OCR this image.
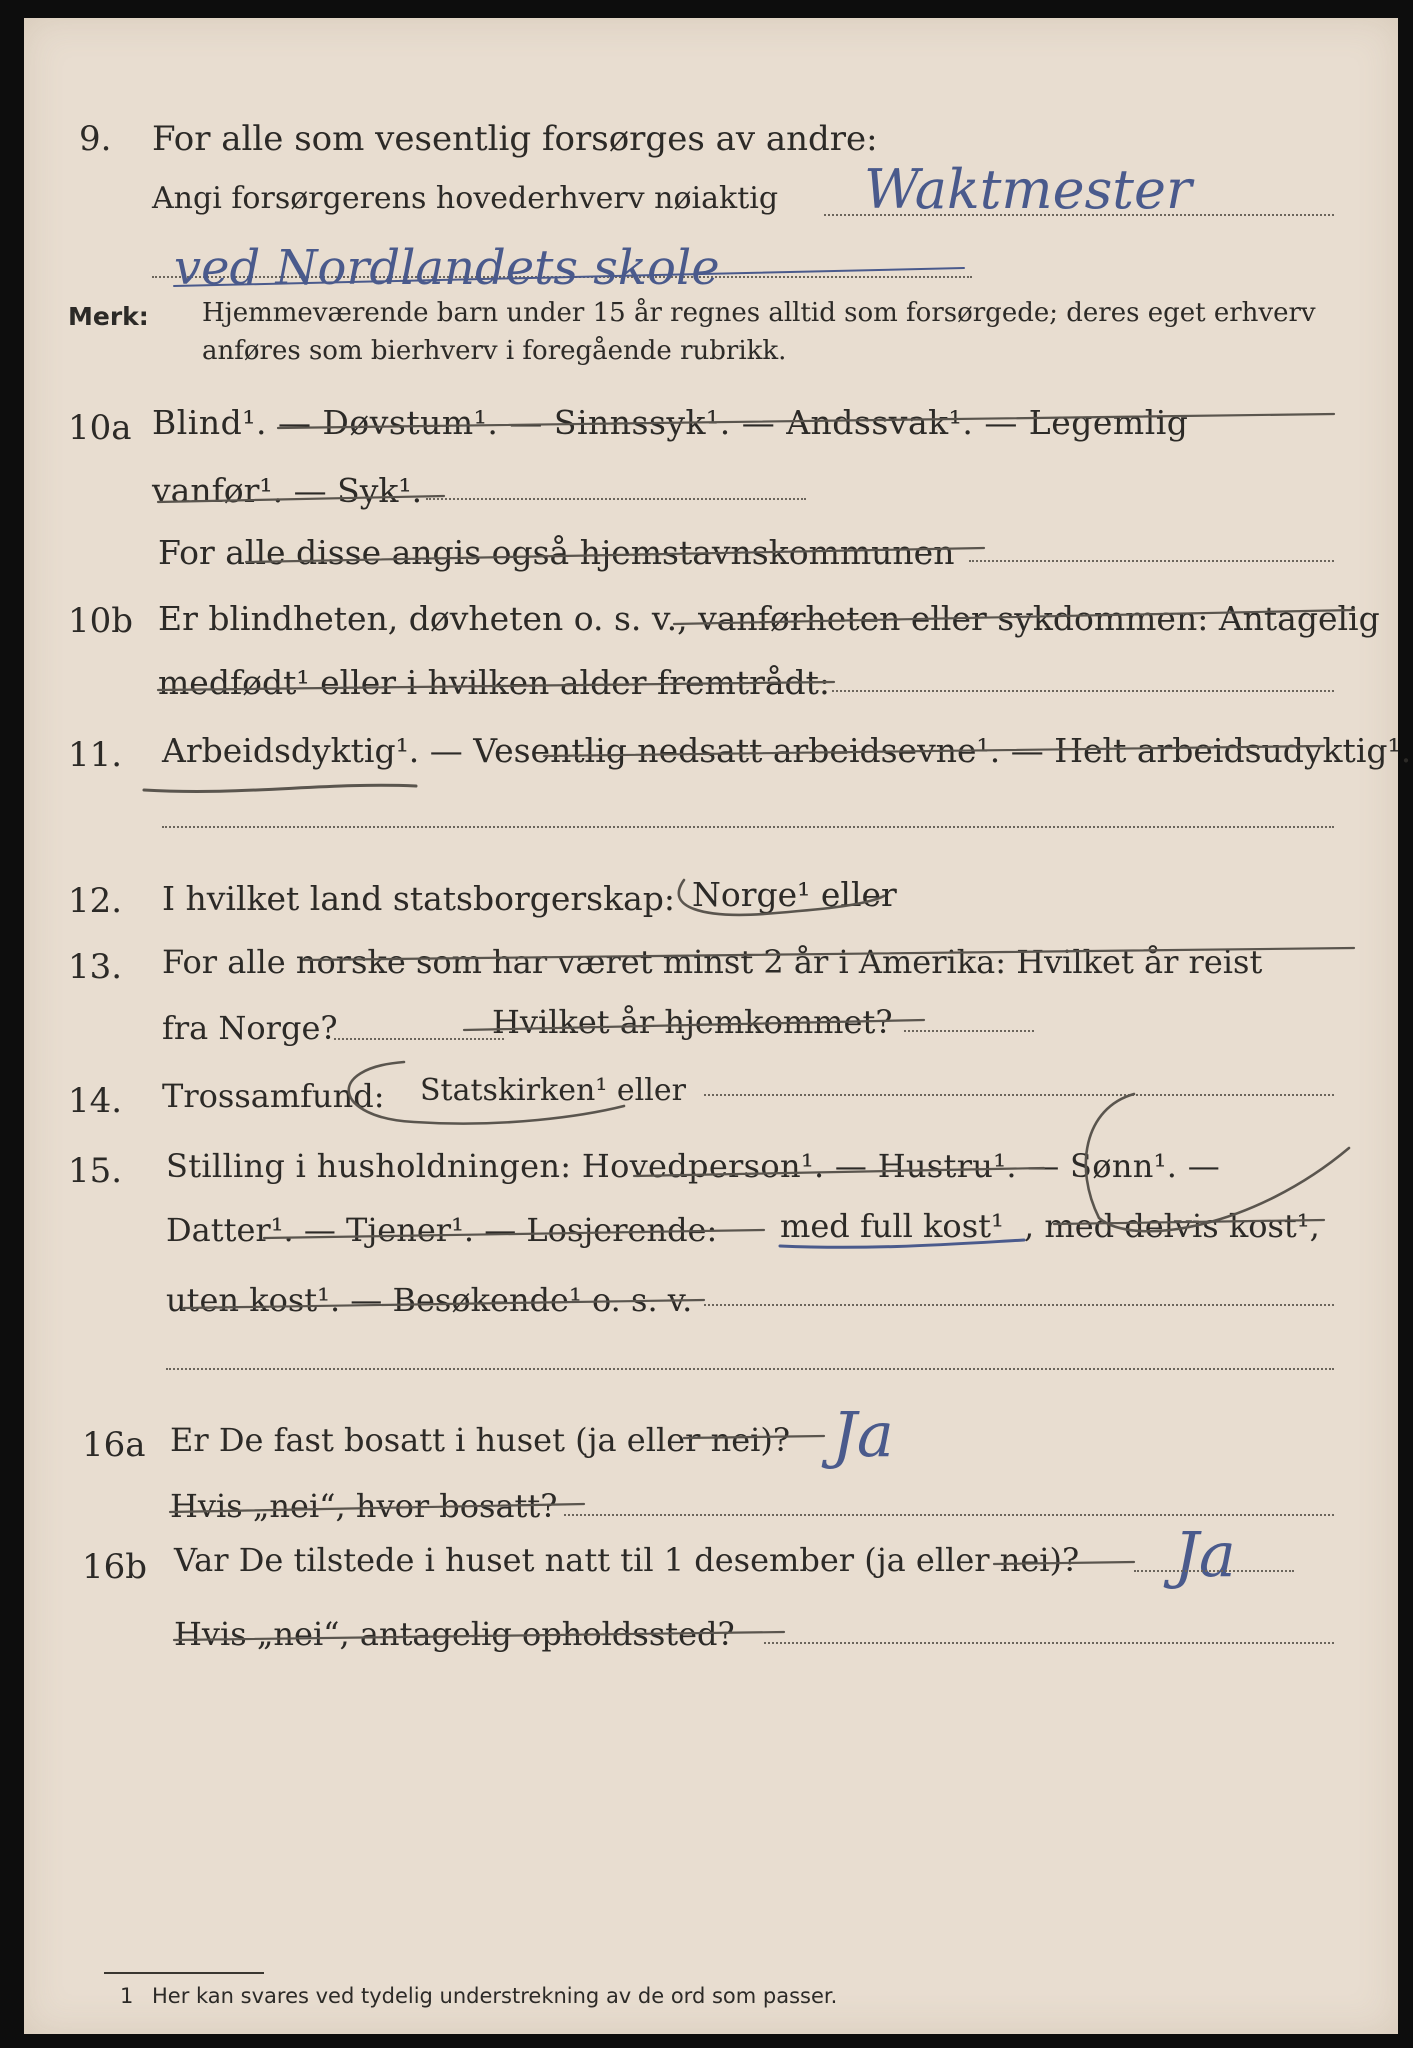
9. For alle som vesentlig forsørges av andre:
Angi forsørgerens hovederhverv nøiaktig Waktmester
ved Nordlandets skole
Merk: Hjemmeværende barn under 15 år regnes alltid som forsørgede; deres eget erhverv
anføres som bierhverv i foregående rubrikk.
10a Blind¹. — Døvstum¹. — Sinnssyk¹. — Andssvak¹. — Legemlig
vanfør¹. — Syk¹.
For alle disse angis også hjemstavnskommunen
10b Er blindheten, døvheten o. s. v., vanførheten eller sykdommen: Antagelig
medfødt¹ eller i hvilken alder fremtrådt:
11. Arbeidsdyktig¹. — Vesentlig nedsatt arbeidsevne¹. — Helt arbeidsudyktig¹.
12. I hvilket land statsborgerskap: Norge¹ eller
13. For alle norske som har været minst 2 år i Amerika: Hvilket år reist
fra Norge?	Hvilket år hjemkommet?
14. Trossamfund: Statskirken¹ eller
15. Stilling i husholdningen: Hovedperson¹. — Hustru¹. — Sønn¹. —
Datter¹. — Tjener¹. — Losjerende: med full kost¹ , med delvis kost¹,
uten kost¹. — Besøkende¹ o. s. v.
16a Er De fast bosatt i huset (ja eller nei)? Ja
Hvis „nei“, hvor bosatt?
16b Var De tilstede i huset natt til 1 desember (ja eller nei)? Ja
Hvis „nei“, antagelig opholdssted?
1 Her kan svares ved tydelig understrekning av de ord som passer.
